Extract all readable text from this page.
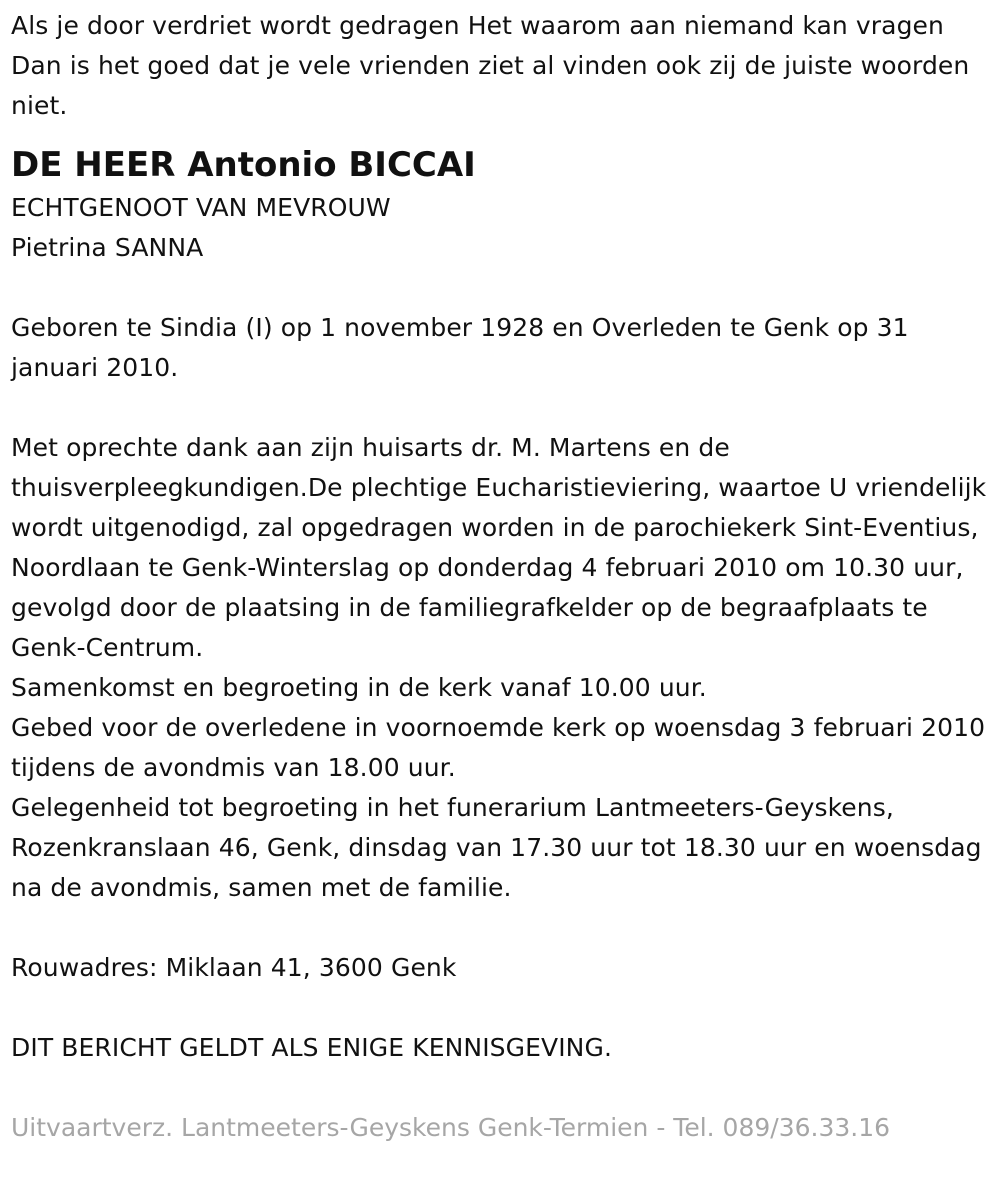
Als je door verdriet wordt gedragen Het waarom aan niemand kan vragen Dan is het goed dat je vele vrienden ziet al vinden ook zij de juiste woorden niet.

DE HEER Antonio BICCAI

ECHTGENOOT VAN MEVROUW

Pietrina SANNA

Geboren te Sindia (I) op 1 november 1928 en Overleden te Genk op 31 januari 2010.

Met oprechte dank aan zijn huisarts dr. M. Martens en de thuisverpleegkundigen.De plechtige Eucharistieviering, waartoe U vriendelijk wordt uitgenodigd, zal opgedragen worden in de parochiekerk Sint-Eventius, Noordlaan te Genk-Winterslag op donderdag 4 februari 2010 om 10.30 uur, gevolgd door de plaatsing in de familiegrafkelder op de begraafplaats te Genk-Centrum.

Samenkomst en begroeting in de kerk vanaf 10.00 uur.

Gebed voor de overledene in voornoemde kerk op woensdag 3 februari 2010 tijdens de avondmis van 18.00 uur.

Gelegenheid tot begroeting in het funerarium Lantmeeters-Geyskens, Rozenkranslaan 46, Genk, dinsdag van 17.30 uur tot 18.30 uur en woensdag na de avondmis, samen met de familie.

Rouwadres: Miklaan 41, 3600 Genk

DIT BERICHT GELDT ALS ENIGE KENNISGEVING.

Uitvaartverz. Lantmeeters-Geyskens Genk-Termien - Tel. 089/36.33.16
